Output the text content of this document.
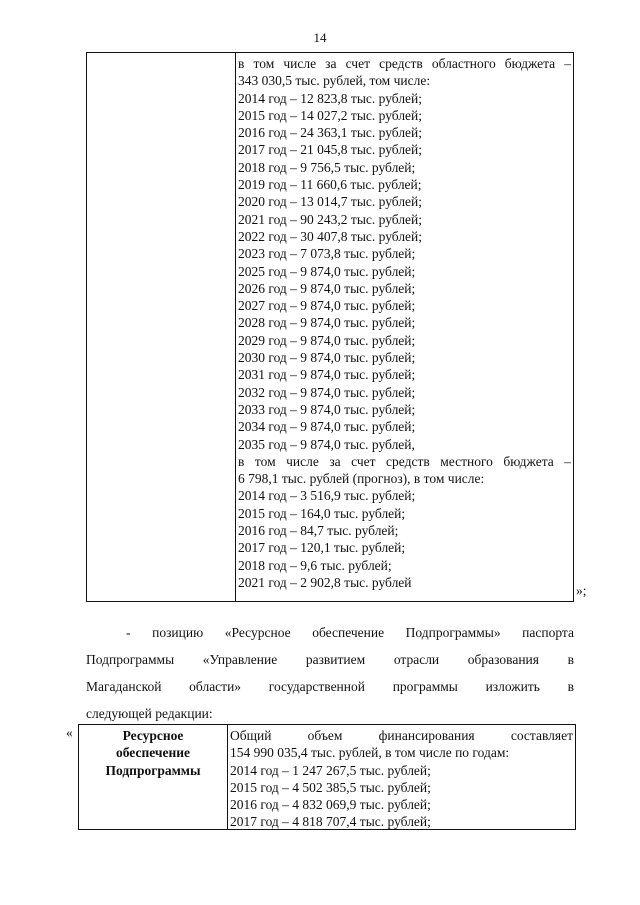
14
в том числе за счет средств областного бюджета –
343 030,5 тыс. рублей, том числе:
2014 год – 12 823,8 тыс. рублей;
2015 год – 14 027,2 тыс. рублей;
2016 год – 24 363,1 тыс. рублей;
2017 год – 21 045,8 тыс. рублей;
2018 год – 9 756,5 тыс. рублей;
2019 год – 11 660,6 тыс. рублей;
2020 год – 13 014,7 тыс. рублей;
2021 год – 90 243,2 тыс. рублей;
2022 год – 30 407,8 тыс. рублей;
2023 год – 7 073,8 тыс. рублей;
2025 год – 9 874,0 тыс. рублей;
2026 год – 9 874,0 тыс. рублей;
2027 год – 9 874,0 тыс. рублей;
2028 год – 9 874,0 тыс. рублей;
2029 год – 9 874,0 тыс. рублей;
2030 год – 9 874,0 тыс. рублей;
2031 год – 9 874,0 тыс. рублей;
2032 год – 9 874,0 тыс. рублей;
2033 год – 9 874,0 тыс. рублей;
2034 год – 9 874,0 тыс. рублей;
2035 год – 9 874,0 тыс. рублей,
в том числе за счет средств местного бюджета –
6 798,1 тыс. рублей (прогноз), в том числе:
2014 год – 3 516,9 тыс. рублей;
2015 год – 164,0 тыс. рублей;
2016 год – 84,7 тыс. рублей;
2017 год – 120,1 тыс. рублей;
2018 год – 9,6 тыс. рублей;
2021 год – 2 902,8 тыс. рублей
»;
- позицию «Ресурсное обеспечение Подпрограммы» паспорта
Подпрограммы «Управление развитием отрасли образования в
Магаданской области» государственной программы изложить в
следующей редакции:
«	Ресурсное
обеспечение
Подпрограммы
Общий объем финансирования составляет
154 990 035,4 тыс. рублей, в том числе по годам:
2014 год – 1 247 267,5 тыс. рублей;
2015 год – 4 502 385,5 тыс. рублей;
2016 год – 4 832 069,9 тыс. рублей;
2017 год – 4 818 707,4 тыс. рублей;
